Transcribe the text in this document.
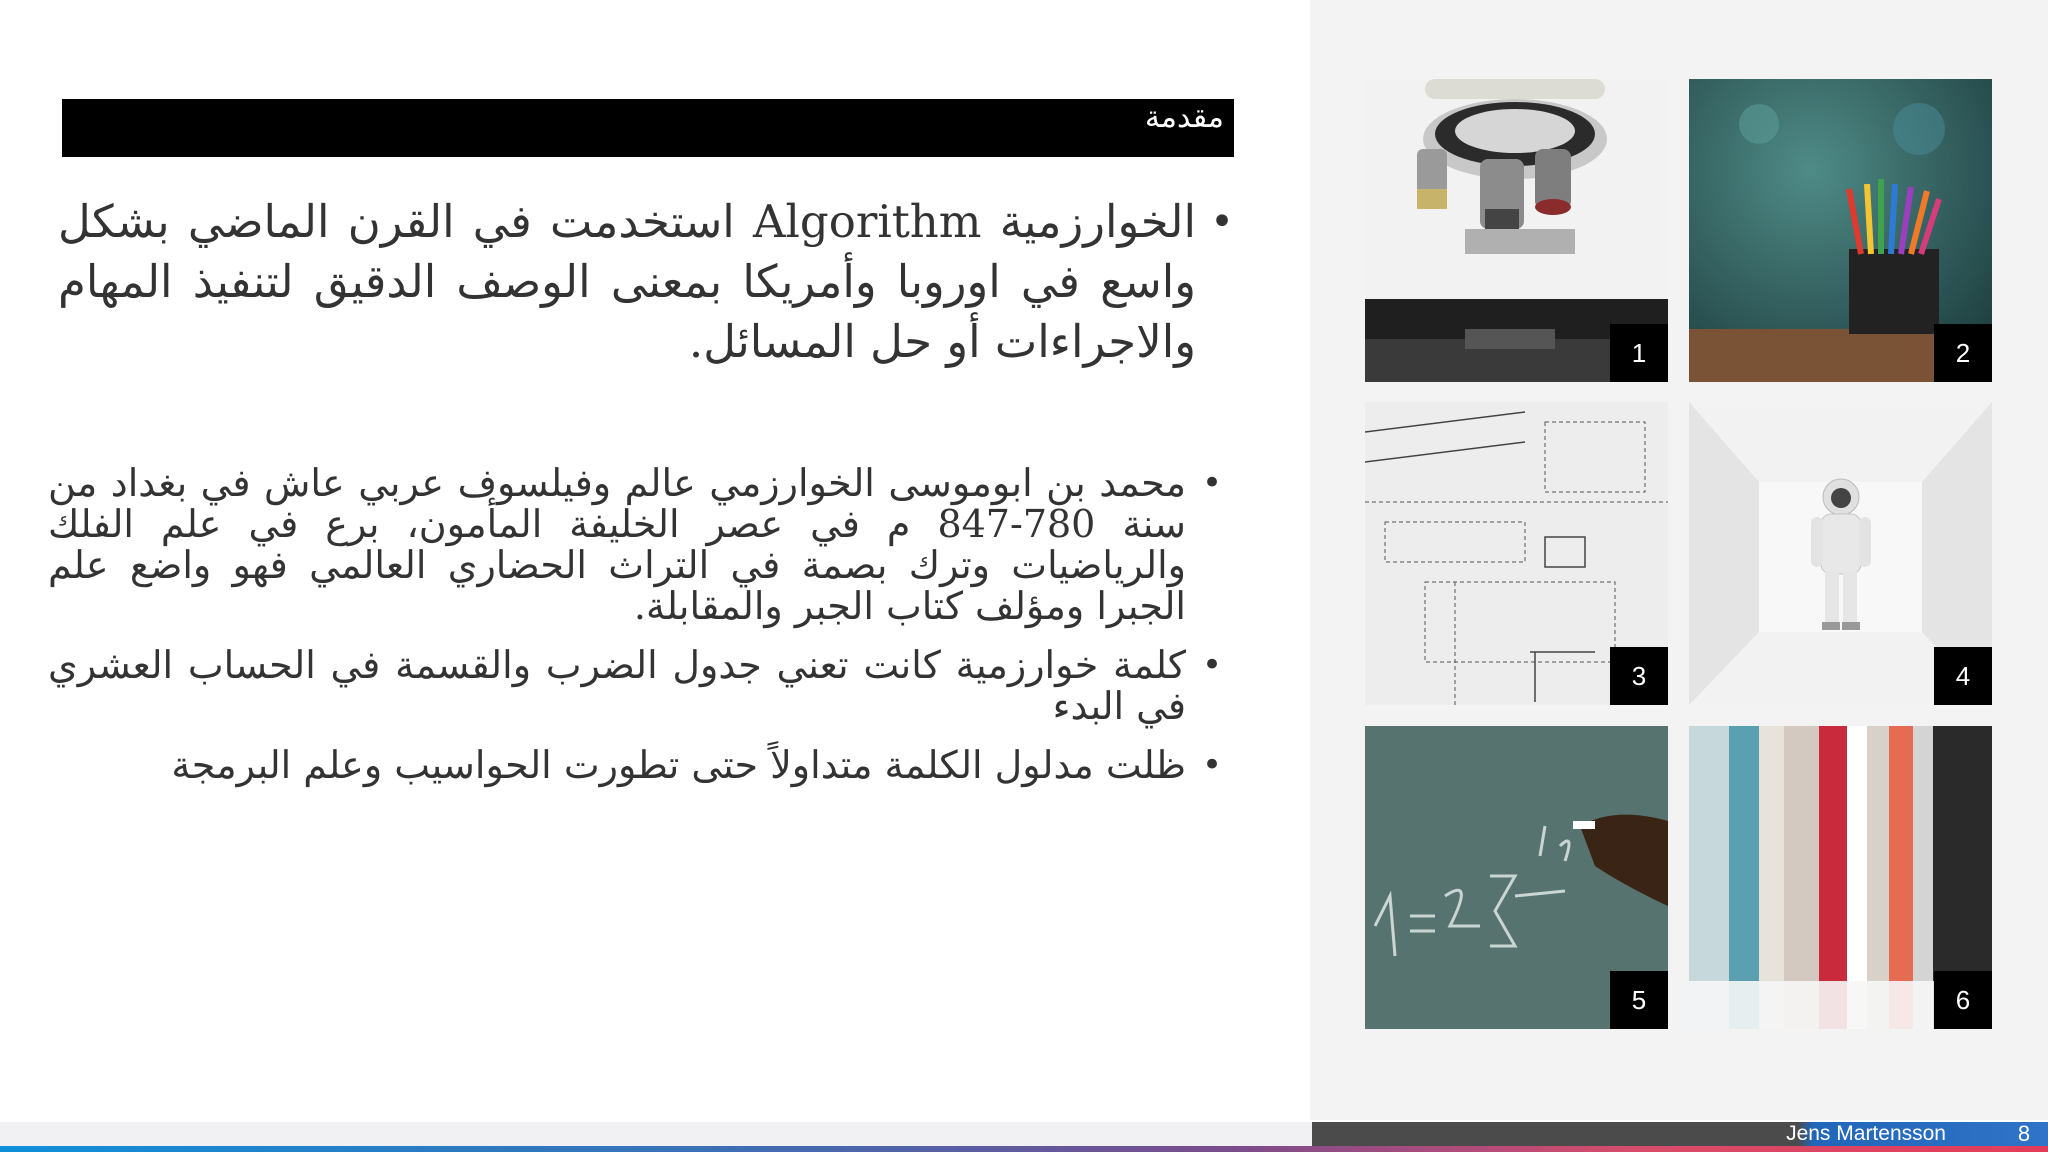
مقدمة

•
الخوارزمية Algorithm استخدمت في القرن الماضي بشكل واسع في اوروبا وأمريكا بمعنى الوصف الدقيق لتنفيذ المهام والاجراءات أو حل المسائل.

•
محمد بن ابوموسى الخوارزمي عالم وفيلسوف عربي عاش في بغداد من سنة 780-847 م في عصر الخليفة المأمون، برع في علم الفلك والرياضيات وترك بصمة في التراث الحضاري العالمي فهو واضع علم الجبرا ومؤلف كتاب الجبر والمقابلة.

•
كلمة خوارزمية كانت تعني جدول الضرب والقسمة في الحساب العشري في البدء

•
ظلت مدلول الكلمة متداولاً حتى تطورت الحواسيب وعلم البرمجة

1	2
3	4
5	6
Jens Martensson	8
